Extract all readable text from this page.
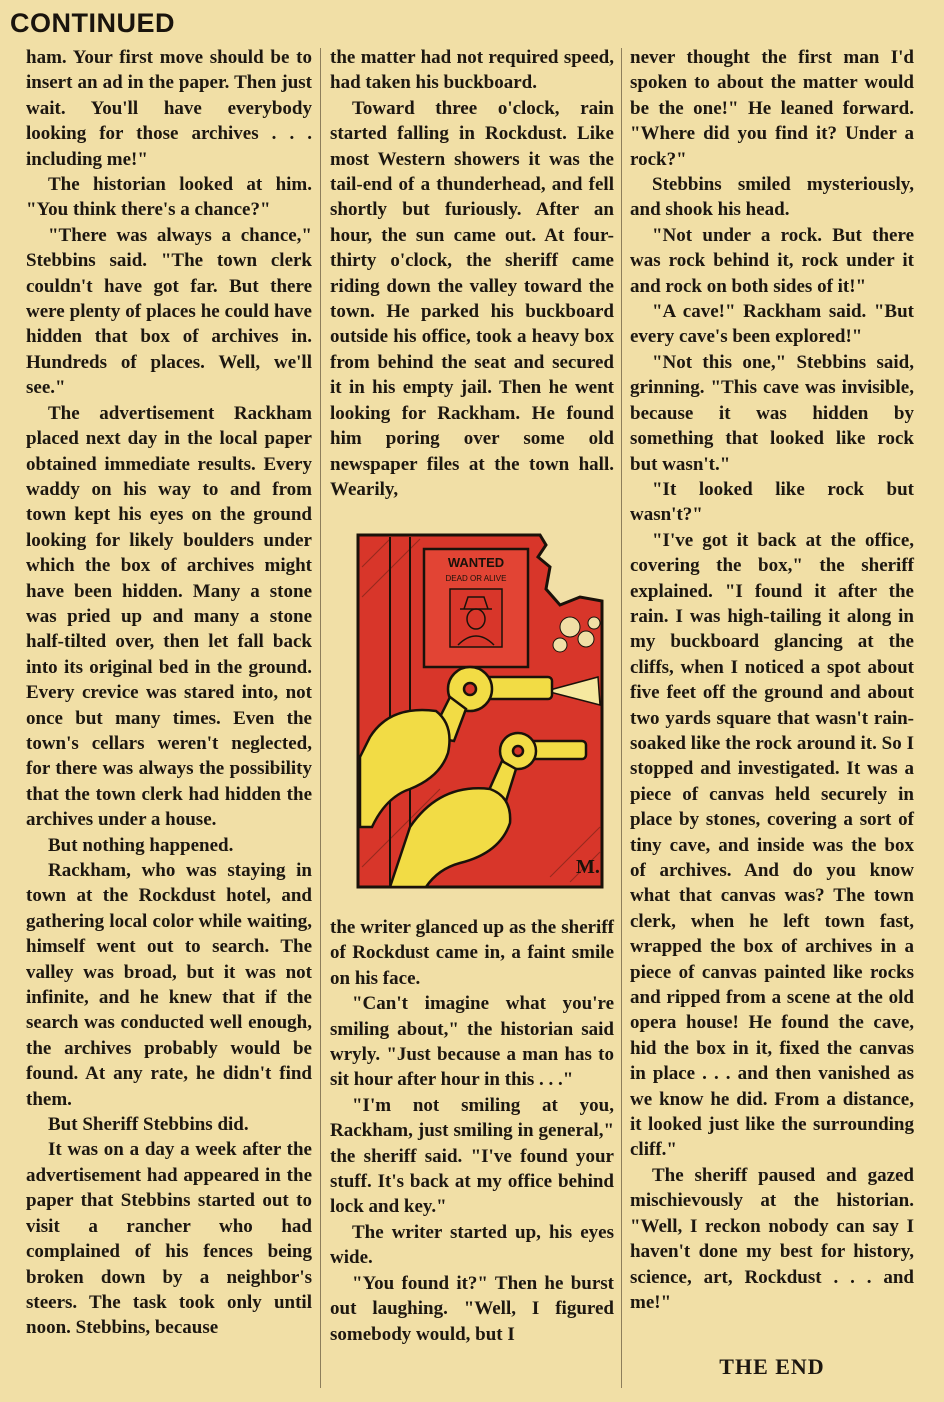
CONTINUED

ham. Your first move should be to insert an ad in the paper. Then just wait. You'll have everybody looking for those archives . . . including me!"

The historian looked at him. "You think there's a chance?"

"There was always a chance," Stebbins said. "The town clerk couldn't have got far. But there were plenty of places he could have hidden that box of archives in. Hundreds of places. Well, we'll see."

The advertisement Rackham placed next day in the local paper obtained immediate results. Every waddy on his way to and from town kept his eyes on the ground looking for likely boulders under which the box of archives might have been hidden. Many a stone was pried up and many a stone half-tilted over, then let fall back into its original bed in the ground. Every crevice was stared into, not once but many times. Even the town's cellars weren't neglected, for there was always the possibility that the town clerk had hidden the archives under a house.

But nothing happened.

Rackham, who was staying in town at the Rockdust hotel, and gathering local color while waiting, himself went out to search. The valley was broad, but it was not infinite, and he knew that if the search was conducted well enough, the archives probably would be found. At any rate, he didn't find them.

But Sheriff Stebbins did.

It was on a day a week after the advertisement had appeared in the paper that Stebbins started out to visit a rancher who had complained of his fences being broken down by a neighbor's steers. The task took only until noon. Stebbins, because

the matter had not required speed, had taken his buckboard.

Toward three o'clock, rain started falling in Rockdust. Like most Western showers it was the tail-end of a thunderhead, and fell shortly but furiously. After an hour, the sun came out. At four-thirty o'clock, the sheriff came riding down the valley toward the town. He parked his buckboard outside his office, took a heavy box from behind the seat and secured it in his empty jail. Then he went looking for Rackham. He found him poring over some old newspaper files at the town hall. Wearily,

WANTED
DEAD OR ALIVE
M.

the writer glanced up as the sheriff of Rockdust came in, a faint smile on his face.

"Can't imagine what you're smiling about," the historian said wryly. "Just because a man has to sit hour after hour in this . . ."

"I'm not smiling at you, Rackham, just smiling in general," the sheriff said. "I've found your stuff. It's back at my office behind lock and key."

The writer started up, his eyes wide.

"You found it?" Then he burst out laughing. "Well, I figured somebody would, but I

never thought the first man I'd spoken to about the matter would be the one!" He leaned forward. "Where did you find it? Under a rock?"

Stebbins smiled mysteriously, and shook his head.

"Not under a rock. But there was rock behind it, rock under it and rock on both sides of it!"

"A cave!" Rackham said. "But every cave's been explored!"

"Not this one," Stebbins said, grinning. "This cave was invisible, because it was hidden by something that looked like rock but wasn't."

"It looked like rock but wasn't?"

"I've got it back at the office, covering the box," the sheriff explained. "I found it after the rain. I was high-tailing it along in my buckboard glancing at the cliffs, when I noticed a spot about five feet off the ground and about two yards square that wasn't rain-soaked like the rock around it. So I stopped and investigated. It was a piece of canvas held securely in place by stones, covering a sort of tiny cave, and inside was the box of archives. And do you know what that canvas was? The town clerk, when he left town fast, wrapped the box of archives in a piece of canvas painted like rocks and ripped from a scene at the old opera house! He found the cave, hid the box in it, fixed the canvas in place . . . and then vanished as we know he did. From a distance, it looked just like the surrounding cliff."

The sheriff paused and gazed mischievously at the historian. "Well, I reckon nobody can say I haven't done my best for history, science, art, Rockdust . . . and me!"

THE END
